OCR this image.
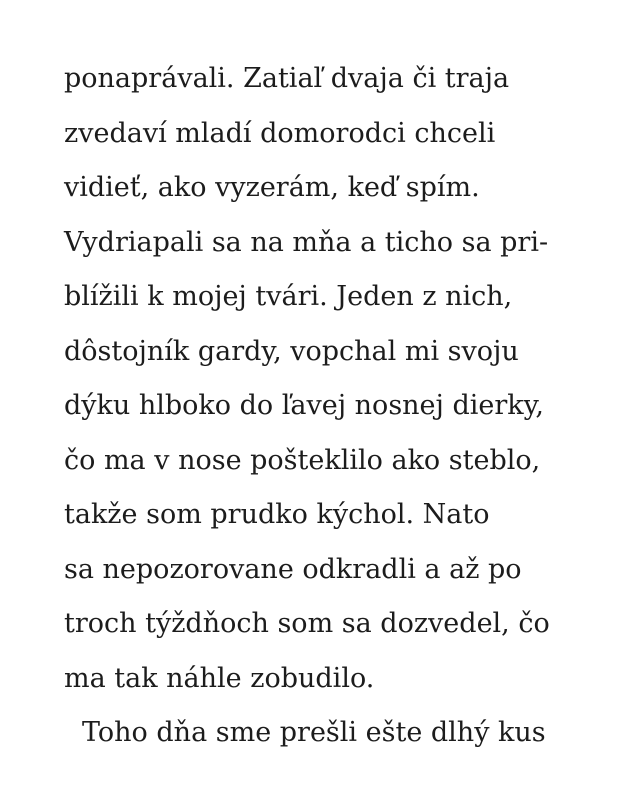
ponaprávali. Zatiaľ dvaja či traja
zvedaví mladí domorodci chceli
vidieť, ako vyzerám, keď spím.
Vydriapali sa na mňa a ticho sa pri-
blížili k mojej tvári. Jeden z nich,
dôstojník gardy, vopchal mi svoju
dýku hlboko do ľavej nosnej dierky,
čo ma v nose pošteklilo ako steblo,
takže som prudko kýchol. Nato
sa nepozorovane odkradli a až po
troch týždňoch som sa dozvedel, čo
ma tak náhle zobudilo.
Toho dňa sme prešli ešte dlhý kus
